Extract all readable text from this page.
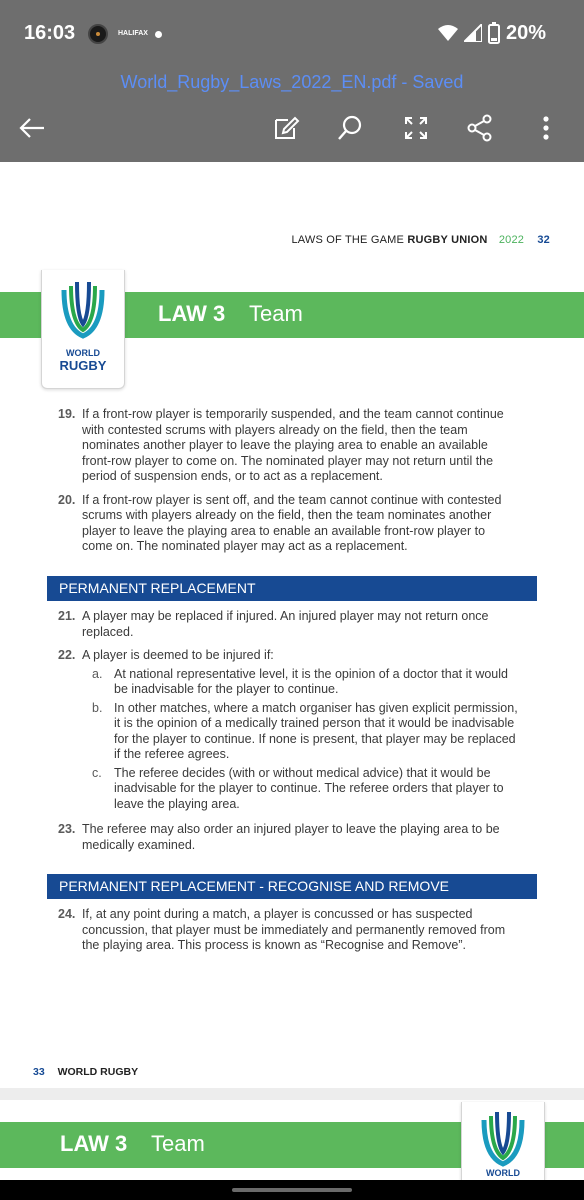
16:03	HALIFAX	20%
World_Rugby_Laws_2022_EN.pdf - Saved
LAWS OF THE GAME RUGBY UNION 2022 32
LAW 3 Team
WORLD
RUGBY
19. If a front-row player is temporarily suspended, and the team cannot continue with contested scrums with players already on the field, then the team nominates another player to leave the playing area to enable an available front-row player to come on. The nominated player may not return until the period of suspension ends, or to act as a replacement.
20. If a front-row player is sent off, and the team cannot continue with contested scrums with players already on the field, then the team nominates another player to leave the playing area to enable an available front-row player to come on. The nominated player may act as a replacement.
PERMANENT REPLACEMENT
21. A player may be replaced if injured. An injured player may not return once replaced.
22. A player is deemed to be injured if:
a. At national representative level, it is the opinion of a doctor that it would be inadvisable for the player to continue.
b. In other matches, where a match organiser has given explicit permission, it is the opinion of a medically trained person that it would be inadvisable for the player to continue. If none is present, that player may be replaced if the referee agrees.
c. The referee decides (with or without medical advice) that it would be inadvisable for the player to continue. The referee orders that player to leave the playing area.
23. The referee may also order an injured player to leave the playing area to be medically examined.
PERMANENT REPLACEMENT - RECOGNISE AND REMOVE
24. If, at any point during a match, a player is concussed or has suspected concussion, that player must be immediately and permanently removed from the playing area. This process is known as “Recognise and Remove”.
33 WORLD RUGBY
LAW 3 Team
WORLD
